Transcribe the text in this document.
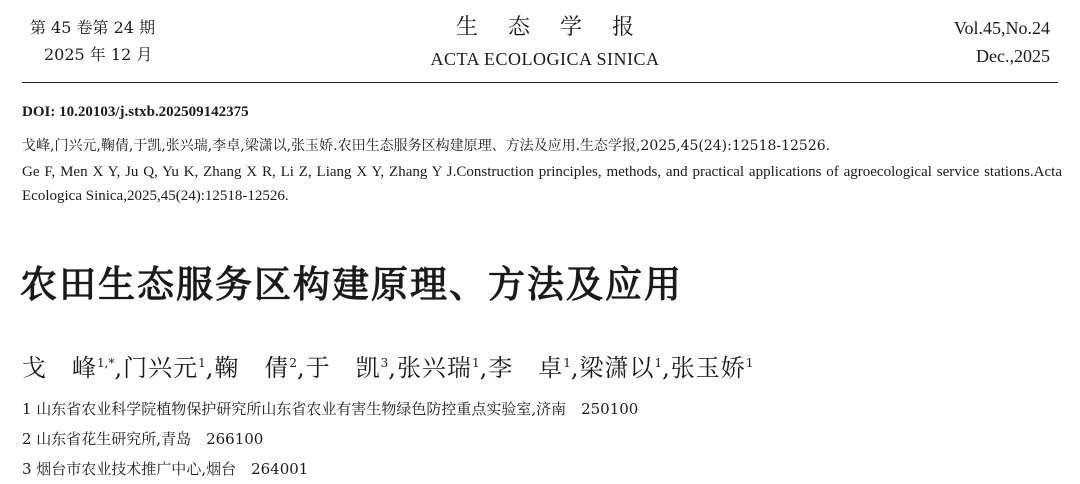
第 45 卷第 24 期
2025 年 12 月
生态学报
ACTA ECOLOGICA SINICA
Vol.45,No.24
Dec.,2025
DOI: 10.20103/j.stxb.202509142375
戈峰,门兴元,鞠倩,于凯,张兴瑞,李卓,梁潇以,张玉娇.农田生态服务区构建原理、方法及应用.生态学报,2025,45(24):12518-12526.
Ge F, Men X Y, Ju Q, Yu K, Zhang X R, Li Z, Liang X Y, Zhang Y J.Construction principles, methods, and practical applications of agroecological service stations.Acta Ecologica Sinica,2025,45(24):12518-12526.
农田生态服务区构建原理、方法及应用
戈　峰$^{1,*}$,门兴元$^1$,鞠　倩$^2$,于　凯$^3$,张兴瑞$^1$,李　卓$^1$,梁潇以$^1$,张玉娇$^1$
1 山东省农业科学院植物保护研究所山东省农业有害生物绿色防控重点实验室,济南　250100
2 山东省花生研究所,青岛　266100
3 烟台市农业技术推广中心,烟台　264001
